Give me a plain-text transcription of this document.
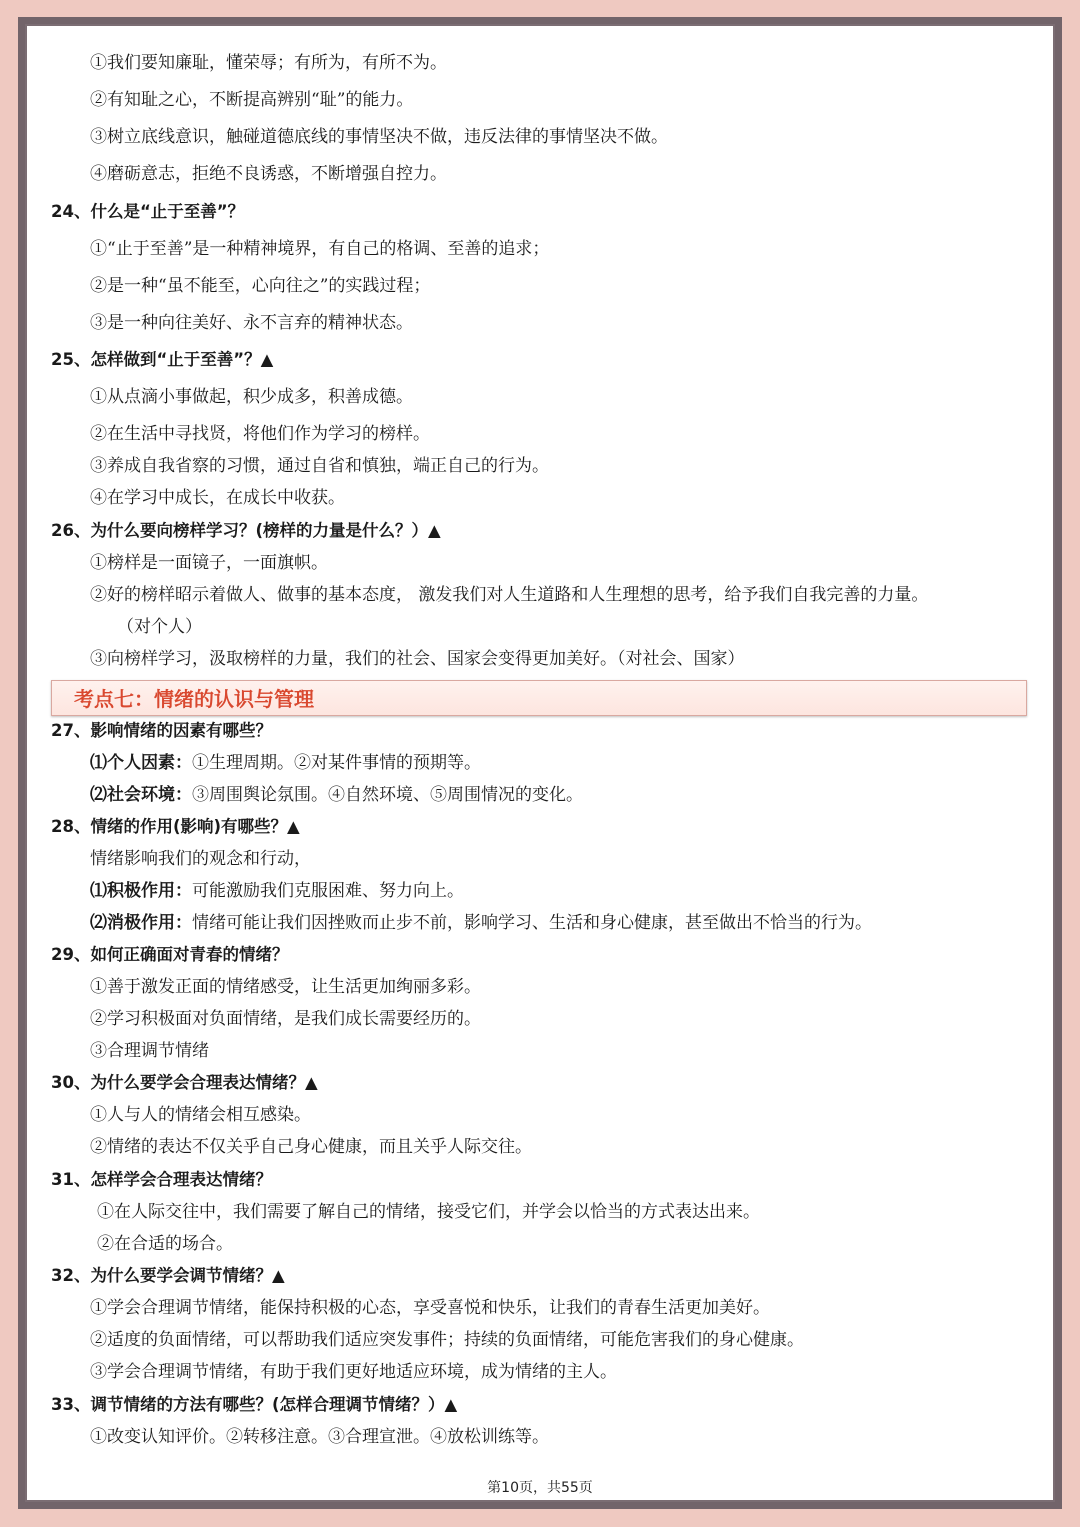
①我们要知廉耻，懂荣辱；有所为，有所不为。
②有知耻之心，不断提高辨别“耻”的能力。
③树立底线意识，触碰道德底线的事情坚决不做，违反法律的事情坚决不做。
④磨砺意志，拒绝不良诱惑，不断增强自控力。
24、什么是“止于至善”？
①“止于至善”是一种精神境界，有自己的格调、至善的追求；
②是一种“虽不能至，心向往之”的实践过程；
③是一种向往美好、永不言弃的精神状态。
25、怎样做到“止于至善”？▲
①从点滴小事做起，积少成多，积善成德。
②在生活中寻找贤，将他们作为学习的榜样。
③养成自我省察的习惯，通过自省和慎独，端正自己的行为。
④在学习中成长，在成长中收获。
26、为什么要向榜样学习？(榜样的力量是什么？）▲
①榜样是一面镜子，一面旗帜。
②好的榜样昭示着做人、做事的基本态度， 激发我们对人生道路和人生理想的思考，给予我们自我完善的力量。
（对个人）
③向榜样学习，汲取榜样的力量，我们的社会、国家会变得更加美好。（对社会、国家）
考点七：情绪的认识与管理
27、影响情绪的因素有哪些？
⑴个人因素：①生理周期。②对某件事情的预期等。
⑵社会环境：③周围舆论氛围。④自然环境、⑤周围情况的变化。
28、情绪的作用(影响)有哪些？▲
情绪影响我们的观念和行动，
⑴积极作用：可能激励我们克服困难、努力向上。
⑵消极作用：情绪可能让我们因挫败而止步不前，影响学习、生活和身心健康，甚至做出不恰当的行为。
29、如何正确面对青春的情绪？
①善于激发正面的情绪感受，让生活更加绚丽多彩。
②学习积极面对负面情绪，是我们成长需要经历的。
③合理调节情绪
30、为什么要学会合理表达情绪？▲
①人与人的情绪会相互感染。
②情绪的表达不仅关乎自己身心健康，而且关乎人际交往。
31、怎样学会合理表达情绪？
①在人际交往中，我们需要了解自己的情绪，接受它们，并学会以恰当的方式表达出来。
②在合适的场合。
32、为什么要学会调节情绪？▲
①学会合理调节情绪，能保持积极的心态，享受喜悦和快乐，让我们的青春生活更加美好。
②适度的负面情绪，可以帮助我们适应突发事件；持续的负面情绪，可能危害我们的身心健康。
③学会合理调节情绪，有助于我们更好地适应环境，成为情绪的主人。
33、调节情绪的方法有哪些？(怎样合理调节情绪？）▲
①改变认知评价。②转移注意。③合理宣泄。④放松训练等。
第10页，共55页
